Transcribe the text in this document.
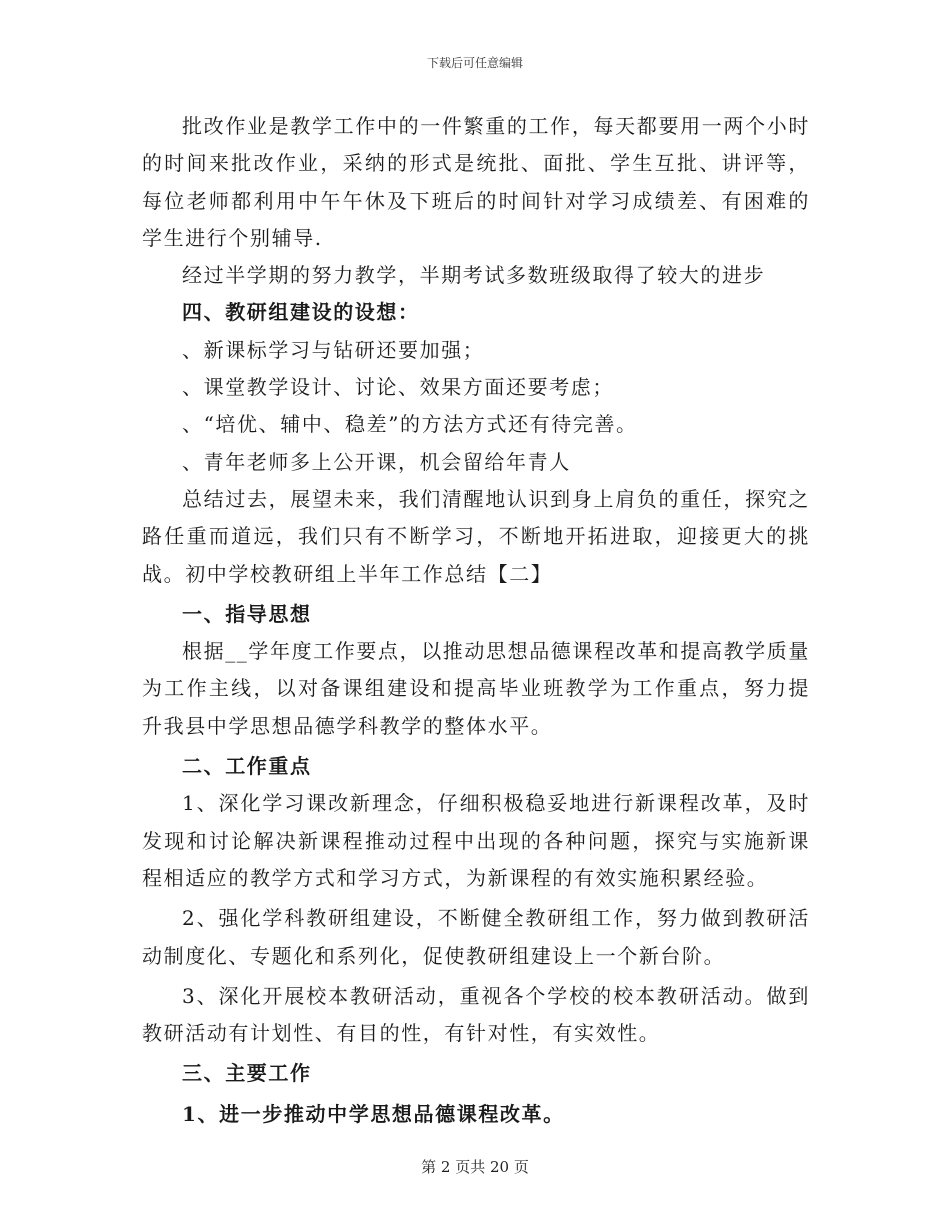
下载后可任意编辑

批改作业是教学工作中的一件繁重的工作，每天都要用一两个小时的时间来批改作业，采纳的形式是统批、面批、学生互批、讲评等，每位老师都利用中午午休及下班后的时间针对学习成绩差、有困难的学生进行个别辅导.

经过半学期的努力教学，半期考试多数班级取得了较大的进步

四、教研组建设的设想：

、新课标学习与钻研还要加强；

、课堂教学设计、讨论、效果方面还要考虑；

、“培优、辅中、稳差”的方法方式还有待完善。

、青年老师多上公开课，机会留给年青人

总结过去，展望未来，我们清醒地认识到身上肩负的重任，探究之路任重而道远，我们只有不断学习，不断地开拓进取，迎接更大的挑战。初中学校教研组上半年工作总结【二】

一、指导思想

根据__学年度工作要点，以推动思想品德课程改革和提高教学质量为工作主线，以对备课组建设和提高毕业班教学为工作重点，努力提升我县中学思想品德学科教学的整体水平。

二、工作重点

1、深化学习课改新理念，仔细积极稳妥地进行新课程改革，及时发现和讨论解决新课程推动过程中出现的各种问题，探究与实施新课程相适应的教学方式和学习方式，为新课程的有效实施积累经验。

2、强化学科教研组建设，不断健全教研组工作，努力做到教研活动制度化、专题化和系列化，促使教研组建设上一个新台阶。

3、深化开展校本教研活动，重视各个学校的校本教研活动。做到教研活动有计划性、有目的性，有针对性，有实效性。

三、主要工作

1、进一步推动中学思想品德课程改革。

第 2 页共 20 页
